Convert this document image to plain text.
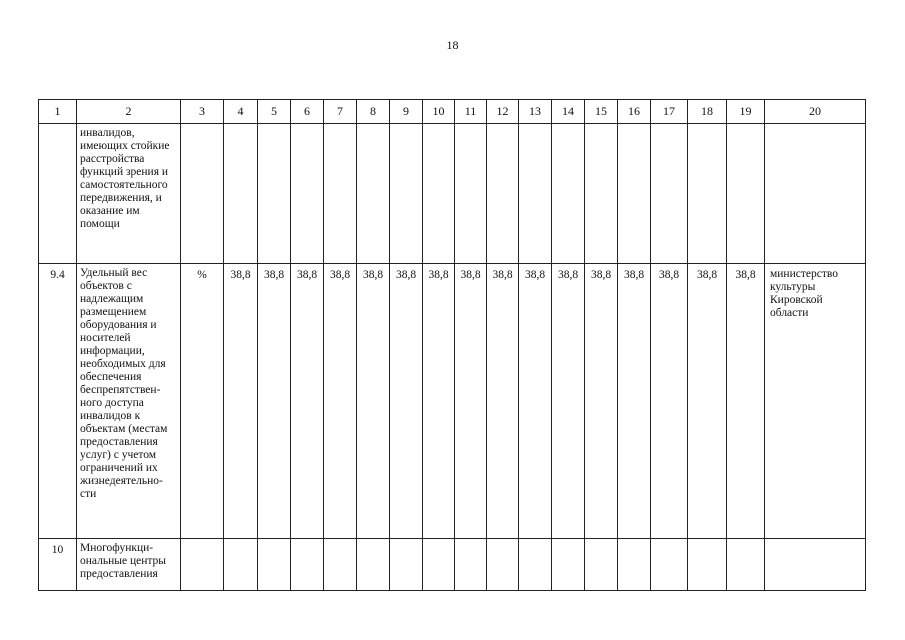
18
1	2	3	4	5	6	7	8	9	10	11	12	13	14	15	16	17	18	19	20
	инвалидов, имеющих стойкие расстройства функций зрения и самостоятельного передвижения, и оказание им помощи																		
9.4	Удельный вес объектов с надлежащим размещением оборудования и носителей информации, необходимых для обеспечения беспрепятствен-ного доступа инвалидов к объектам (местам предоставления услуг) с учетом ограничений их жизнедеятельно-сти	%	38,8	38,8	38,8	38,8	38,8	38,8	38,8	38,8	38,8	38,8	38,8	38,8	38,8	38,8	38,8	38,8	министерство культуры Кировской области
10	Многофункци-ональные центры предоставления																		
